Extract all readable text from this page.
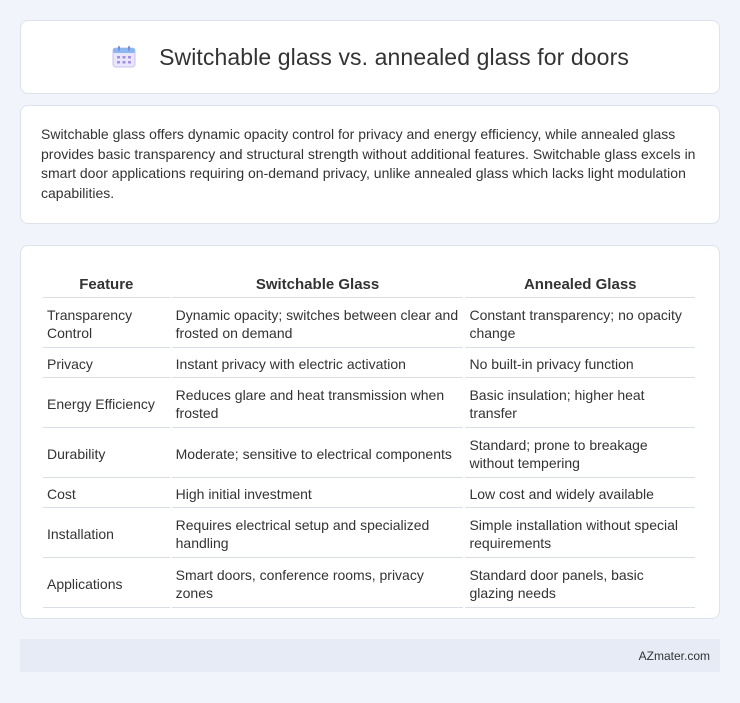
Switchable glass vs. annealed glass for doors

Switchable glass offers dynamic opacity control for privacy and energy efficiency, while annealed glass provides basic transparency and structural strength without additional features. Switchable glass excels in smart door applications requiring on-demand privacy, unlike annealed glass which lacks light modulation capabilities.

Feature	Switchable Glass	Annealed Glass
Transparency Control	Dynamic opacity; switches between clear and frosted on demand	Constant transparency; no opacity change
Privacy	Instant privacy with electric activation	No built-in privacy function
Energy Efficiency	Reduces glare and heat transmission when frosted	Basic insulation; higher heat transfer
Durability	Moderate; sensitive to electrical components	Standard; prone to breakage without tempering
Cost	High initial investment	Low cost and widely available
Installation	Requires electrical setup and specialized handling	Simple installation without special requirements
Applications	Smart doors, conference rooms, privacy zones	Standard door panels, basic glazing needs
AZmater.com
